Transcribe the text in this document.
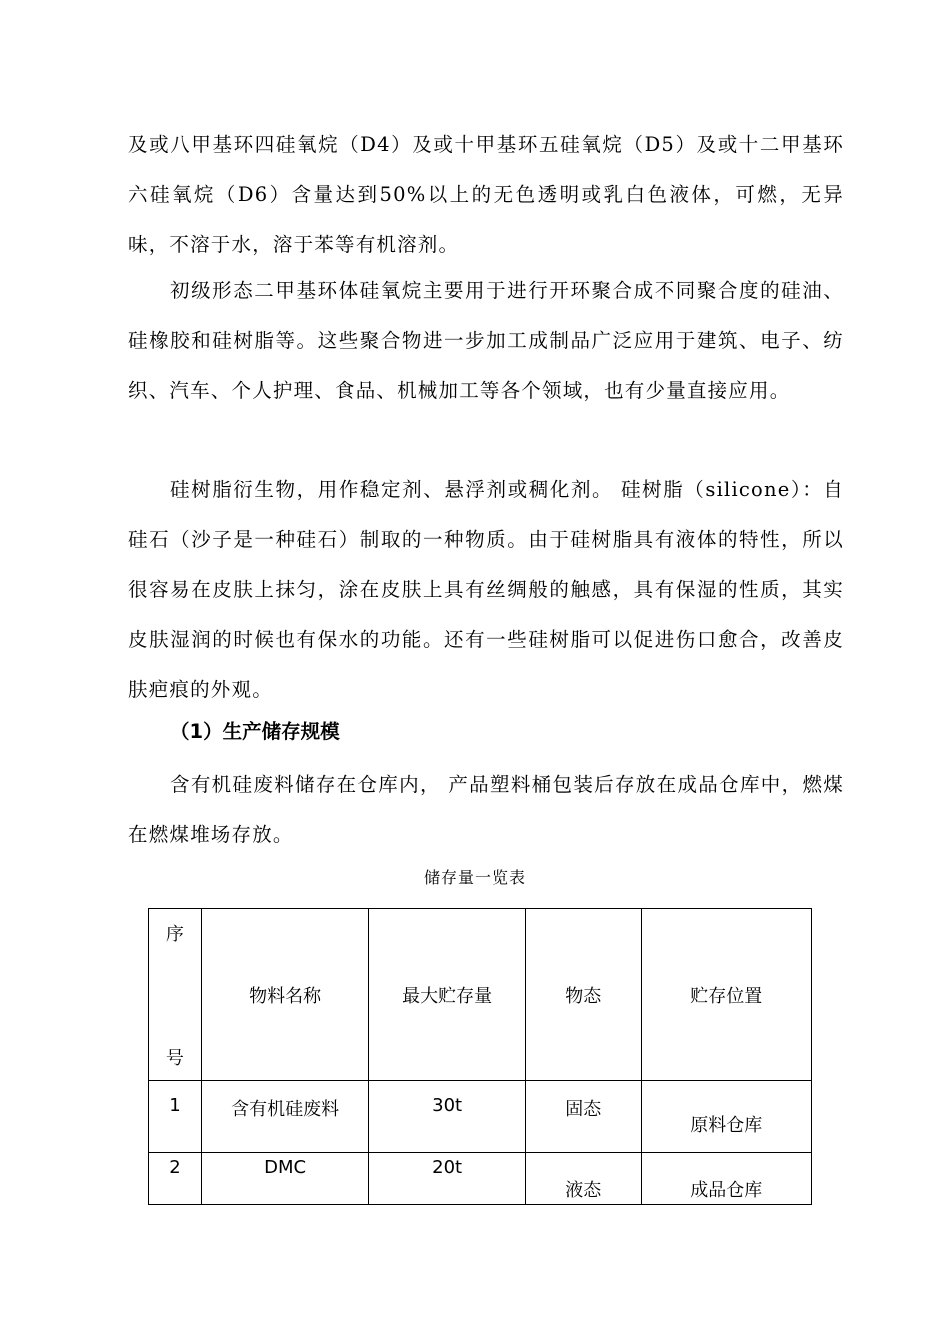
及或八甲基环四硅氧烷（D4）及或十甲基环五硅氧烷（D5）及或十二甲基环六硅氧烷（D6）含量达到50%以上的无色透明或乳白色液体，可燃，无异味，不溶于水，溶于苯等有机溶剂。

初级形态二甲基环体硅氧烷主要用于进行开环聚合成不同聚合度的硅油、硅橡胶和硅树脂等。这些聚合物进一步加工成制品广泛应用于建筑、电子、纺织、汽车、个人护理、食品、机械加工等各个领域，也有少量直接应用。

硅树脂衍生物，用作稳定剂、悬浮剂或稠化剂。 硅树脂（silicone）：自硅石（沙子是一种硅石）制取的一种物质。由于硅树脂具有液体的特性，所以很容易在皮肤上抹匀，涂在皮肤上具有丝绸般的触感，具有保湿的性质，其实皮肤湿润的时候也有保水的功能。还有一些硅树脂可以促进伤口愈合，改善皮肤疤痕的外观。

（1）生产储存规模

含有机硅废料储存在仓库内， 产品塑料桶包装后存放在成品仓库中，燃煤在燃煤堆场存放。

储存量一览表
序
号	物料名称	最大贮存量	物态	贮存位置
1	含有机硅废料	30t	固态	原料仓库
2	DMC	20t	液态	成品仓库
